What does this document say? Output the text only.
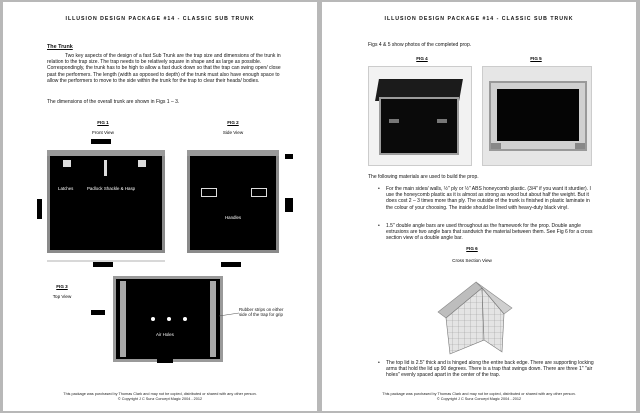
ILLUSION DESIGN PACKAGE #14 - CLASSIC SUB TRUNK
The Trunk
Two key aspects of the design of a fast Sub Trunk are the trap size and dimensions of the trunk in relation to the trap size. The trap needs to be relatively square in shape and as large as possible. Correspondingly, the trunk has to be high to allow a fast duck down so that the trap can swing open/ close past the performers. The length (width as opposed to depth) of the trunk must also have enough space to allow the performers to move to the side within the trunk for the trap to clear their heads/ bodies.
The dimensions of the overall trunk are shown in Figs 1 – 3.
FIG 1
Front View
Latches	Padlock Shackle & Hasp
FIG 2
Side View
Handles
FIG 3
Top View
Air Holes
Rubber strips on either side of the trap for grip
This package was purchased by Thomas Clark and may not be copied, distributed or shared with any other person.
© Copyright J C Sunz Concept Magic 2004 - 2012
ILLUSION DESIGN PACKAGE #14 - CLASSIC SUB TRUNK
Figs 4 & 5 show photos of the completed prop.
FIG 4	FIG 5
The following materials are used to build the prop.
• For the main sides/ walls, ½" ply or ½" ABS honeycomb plastic. (3/4" if you want it sturdier). I use the honeycomb plastic as it is almost as strong as wood but about half the weight. But it does cost 2 – 3 times more than ply. The outside of the trunk is finished in plastic laminate in the colour of your choosing. The inside should be lined with heavy-duty black vinyl.
• 1.5" double angle bars are used throughout as the framework for the prop. Double angle extrusions are two angle bars that sandwich the material between them. See Fig 6 for a cross section view of a double angle bar.
FIG 6
Cross Section View
• The top lid is 2.5" thick and is hinged along the entire back edge. There are supporting locking arms that hold the lid up 90 degrees. There is a trap that swings down. There are three 1" "air holes" evenly spaced apart in the center of the trap.
This package was purchased by Thomas Clark and may not be copied, distributed or shared with any other person.
© Copyright J C Sunz Concept Magic 2004 - 2012
